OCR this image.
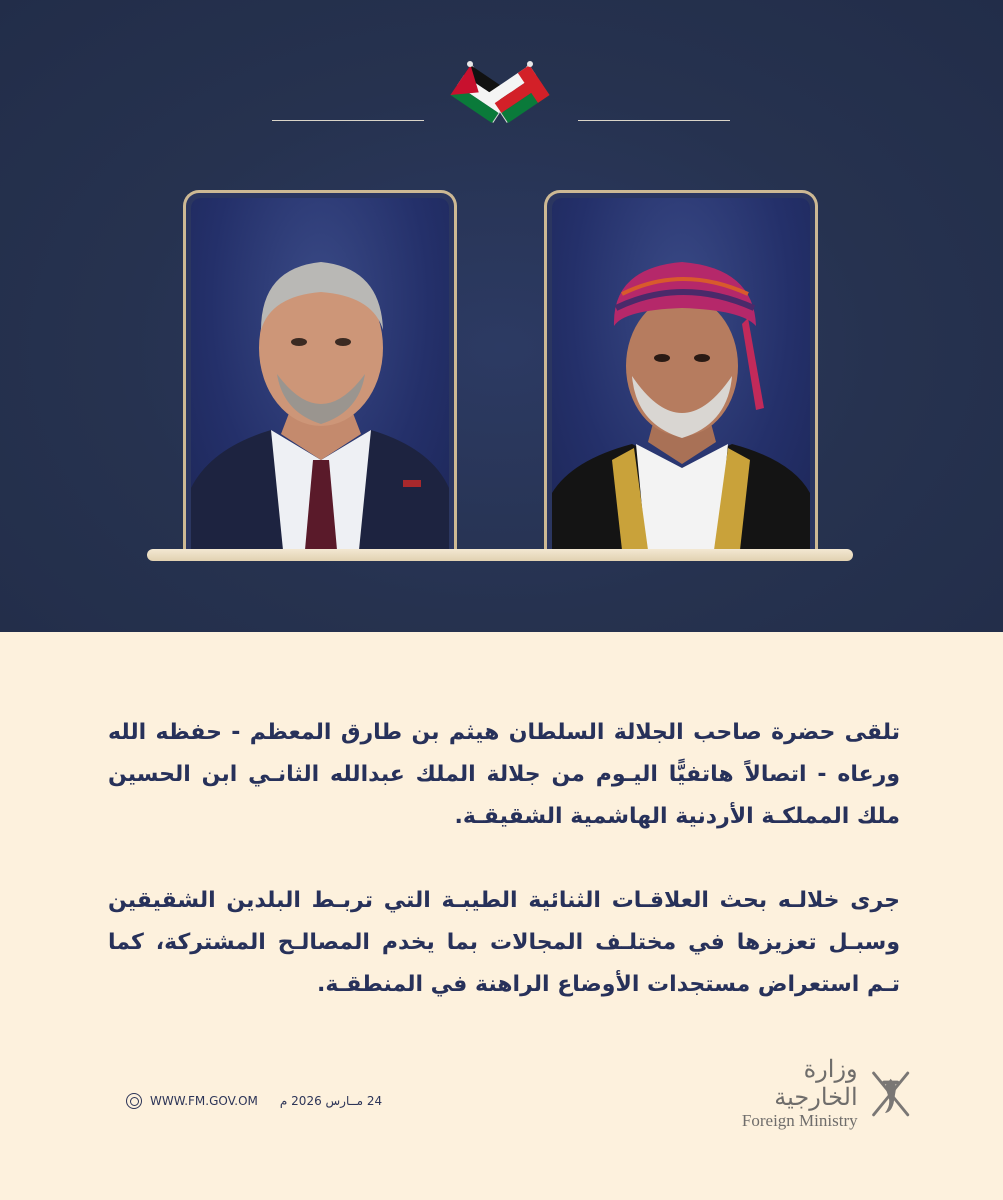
تلقى حضرة صاحب الجلالة السلطان هيثم بن طارق المعظم - حفظه الله ورعاه - اتصالاً هاتفيًّا اليـوم من جلالة الملك عبدالله الثانـي ابن الحسين ملك المملكـة الأردنية الهاشمية الشقيقـة.

جرى خلالـه بحث العلاقـات الثنائية الطيبـة التي تربـط البلدين الشقيقين وسبـل تعزيزها في مختلـف المجالات بما يخدم المصالـح المشتركة، كما تـم استعراض مستجدات الأوضاع الراهنة في المنطقـة.

WWW.FM.GOV.OM 24 مــارس 2026 م
وزارة الخارجية
Foreign Ministry
